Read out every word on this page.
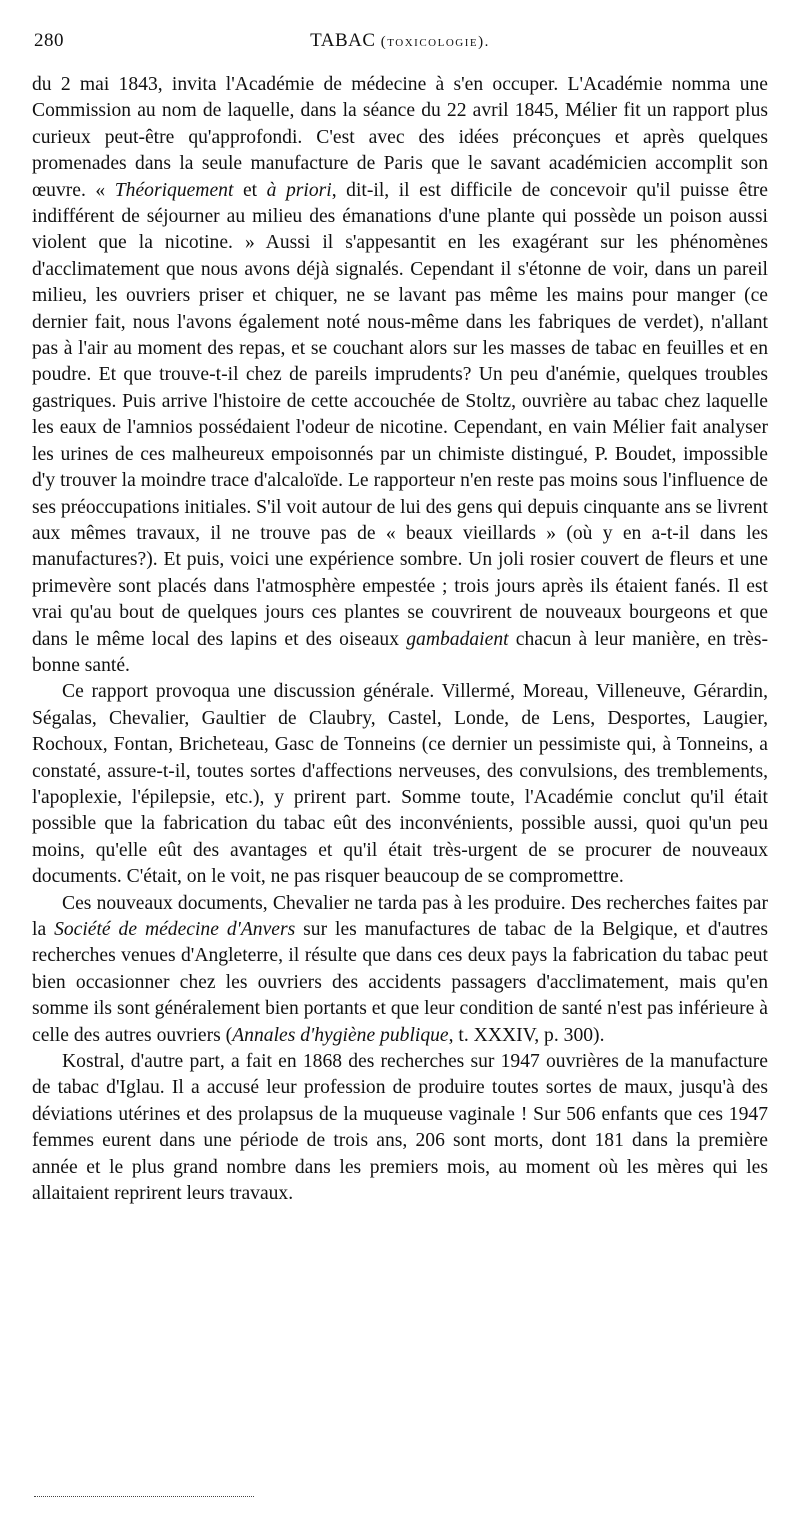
280	TABAC (toxicologie).

du 2 mai 1843, invita l'Académie de médecine à s'en occuper. L'Académie nomma une Commission au nom de laquelle, dans la séance du 22 avril 1845, Mélier fit un rapport plus curieux peut-être qu'approfondi. C'est avec des idées préconçues et après quelques promenades dans la seule manufacture de Paris que le savant académicien accomplit son œuvre. « Théoriquement et à priori, dit-il, il est difficile de concevoir qu'il puisse être indifférent de séjourner au milieu des émanations d'une plante qui possède un poison aussi violent que la nicotine. » Aussi il s'appesantit en les exagérant sur les phénomènes d'acclimatement que nous avons déjà signalés. Cependant il s'étonne de voir, dans un pareil milieu, les ouvriers priser et chiquer, ne se lavant pas même les mains pour manger (ce dernier fait, nous l'avons également noté nous-même dans les fabriques de verdet), n'allant pas à l'air au moment des repas, et se couchant alors sur les masses de tabac en feuilles et en poudre. Et que trouve-t-il chez de pareils imprudents? Un peu d'anémie, quelques troubles gastriques. Puis arrive l'histoire de cette accouchée de Stoltz, ouvrière au tabac chez laquelle les eaux de l'amnios possédaient l'odeur de nicotine. Cependant, en vain Mélier fait analyser les urines de ces malheureux empoisonnés par un chimiste distingué, P. Boudet, impossible d'y trouver la moindre trace d'alcaloïde. Le rapporteur n'en reste pas moins sous l'influence de ses préoccupations initiales. S'il voit autour de lui des gens qui depuis cinquante ans se livrent aux mêmes travaux, il ne trouve pas de « beaux vieillards » (où y en a-t-il dans les manufactures?). Et puis, voici une expérience sombre. Un joli rosier couvert de fleurs et une primevère sont placés dans l'atmosphère empestée ; trois jours après ils étaient fanés. Il est vrai qu'au bout de quelques jours ces plantes se couvrirent de nouveaux bourgeons et que dans le même local des lapins et des oiseaux gambadaient chacun à leur manière, en très-bonne santé.

Ce rapport provoqua une discussion générale. Villermé, Moreau, Villeneuve, Gérardin, Ségalas, Chevalier, Gaultier de Claubry, Castel, Londe, de Lens, Desportes, Laugier, Rochoux, Fontan, Bricheteau, Gasc de Tonneins (ce dernier un pessimiste qui, à Tonneins, a constaté, assure-t-il, toutes sortes d'affections nerveuses, des convulsions, des tremblements, l'apoplexie, l'épilepsie, etc.), y prirent part. Somme toute, l'Académie conclut qu'il était possible que la fabrication du tabac eût des inconvénients, possible aussi, quoi qu'un peu moins, qu'elle eût des avantages et qu'il était très-urgent de se procurer de nouveaux documents. C'était, on le voit, ne pas risquer beaucoup de se compromettre.

Ces nouveaux documents, Chevalier ne tarda pas à les produire. Des recherches faites par la Société de médecine d'Anvers sur les manufactures de tabac de la Belgique, et d'autres recherches venues d'Angleterre, il résulte que dans ces deux pays la fabrication du tabac peut bien occasionner chez les ouvriers des accidents passagers d'acclimatement, mais qu'en somme ils sont généralement bien portants et que leur condition de santé n'est pas inférieure à celle des autres ouvriers (Annales d'hygiène publique, t. XXXIV, p. 300).

Kostral, d'autre part, a fait en 1868 des recherches sur 1947 ouvrières de la manufacture de tabac d'Iglau. Il a accusé leur profession de produire toutes sortes de maux, jusqu'à des déviations utérines et des prolapsus de la muqueuse vaginale ! Sur 506 enfants que ces 1947 femmes eurent dans une période de trois ans, 206 sont morts, dont 181 dans la première année et le plus grand nombre dans les premiers mois, au moment où les mères qui les allaitaient reprirent leurs travaux.
